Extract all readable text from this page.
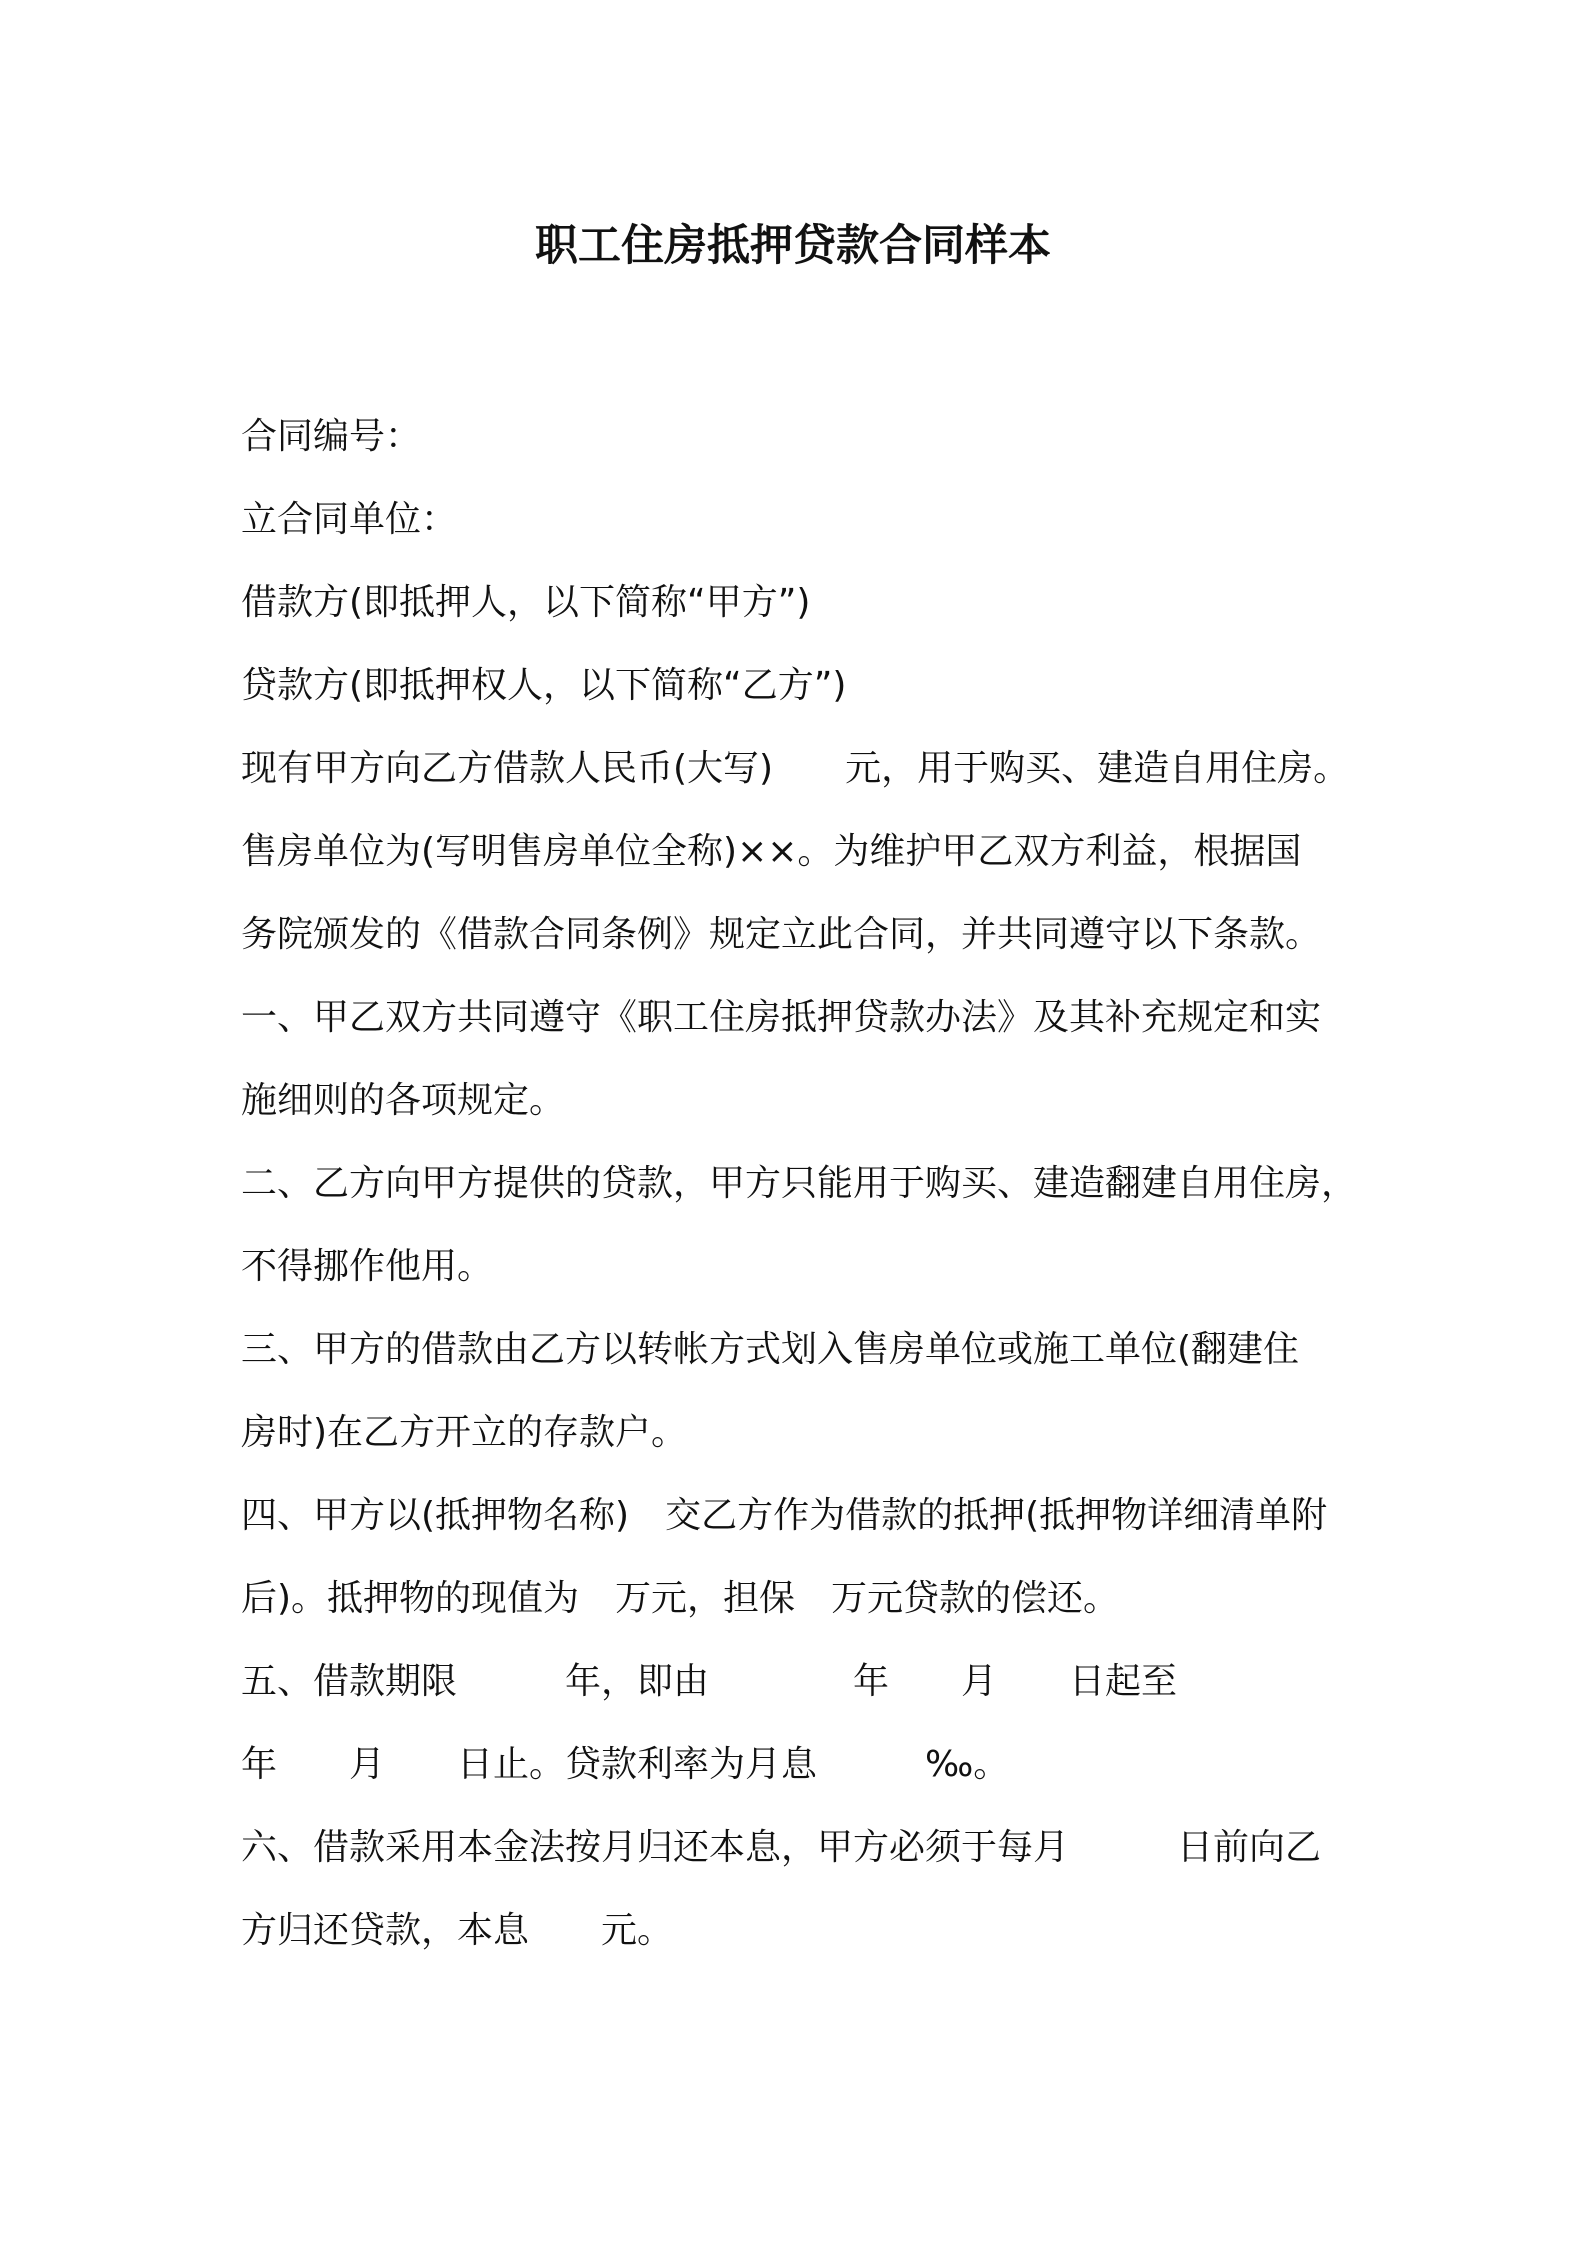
职工住房抵押贷款合同样本
合同编号：
立合同单位：
借款方(即抵押人，以下简称“甲方”)
贷款方(即抵押权人，以下简称“乙方”)
现有甲方向乙方借款人民币(大写)　　元，用于购买、建造自用住房。
售房单位为(写明售房单位全称)××。为维护甲乙双方利益，根据国
务院颁发的《借款合同条例》规定立此合同，并共同遵守以下条款。
一、甲乙双方共同遵守《职工住房抵押贷款办法》及其补充规定和实
施细则的各项规定。
二、乙方向甲方提供的贷款，甲方只能用于购买、建造翻建自用住房，
不得挪作他用。
三、甲方的借款由乙方以转帐方式划入售房单位或施工单位(翻建住
房时)在乙方开立的存款户。
四、甲方以(抵押物名称)　交乙方作为借款的抵押(抵押物详细清单附
后)。抵押物的现值为　万元，担保　万元贷款的偿还。
五、借款期限　　　年，即由　　　　年　　月　　日起至
年　　月　　日止。贷款利率为月息　　　‰。
六、借款采用本金法按月归还本息，甲方必须于每月　　　日前向乙
方归还贷款，本息　　元。
